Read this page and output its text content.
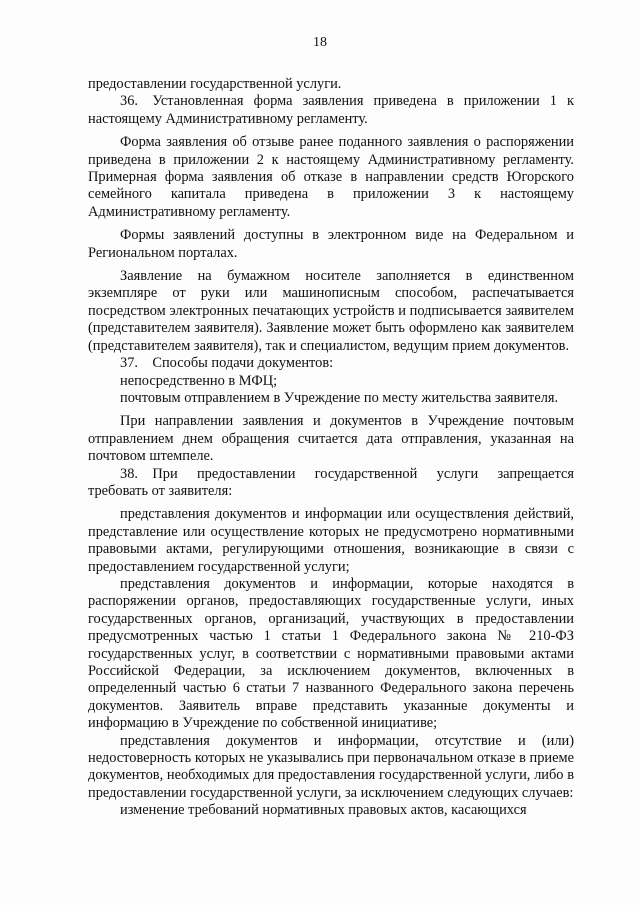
18

предоставлении государственной услуги.

36. Установленная форма заявления приведена в приложении 1 к настоящему Административному регламенту.

Форма заявления об отзыве ранее поданного заявления о распоряжении приведена в приложении 2 к настоящему Административному регламенту. Примерная форма заявления об отказе в направлении средств Югорского семейного капитала приведена в приложении 3 к настоящему Административному регламенту.

Формы заявлений доступны в электронном виде на Федеральном и Региональном порталах.

Заявление на бумажном носителе заполняется в единственном экземпляре от руки или машинописным способом, распечатывается посредством электронных печатающих устройств и подписывается заявителем (представителем заявителя). Заявление может быть оформлено как заявителем (представителем заявителя), так и специалистом, ведущим прием документов.

37. Способы подачи документов:

непосредственно в МФЦ;

почтовым отправлением в Учреждение по месту жительства заявителя.

При направлении заявления и документов в Учреждение почтовым отправлением днем обращения считается дата отправления, указанная на почтовом штемпеле.

38. При предоставлении государственной услуги запрещается требовать от заявителя:

представления документов и информации или осуществления действий, представление или осуществление которых не предусмотрено нормативными правовыми актами, регулирующими отношения, возникающие в связи с предоставлением государственной услуги;

представления документов и информации, которые находятся в распоряжении органов, предоставляющих государственные услуги, иных государственных органов, организаций, участвующих в предоставлении предусмотренных частью 1 статьи 1 Федерального закона № 210-ФЗ государственных услуг, в соответствии с нормативными правовыми актами Российской Федерации, за исключением документов, включенных в определенный частью 6 статьи 7 названного Федерального закона перечень документов. Заявитель вправе представить указанные документы и информацию в Учреждение по собственной инициативе;

представления документов и информации, отсутствие и (или) недостоверность которых не указывались при первоначальном отказе в приеме документов, необходимых для предоставления государственной услуги, либо в предоставлении государственной услуги, за исключением следующих случаев:

изменение требований нормативных правовых актов, касающихся
